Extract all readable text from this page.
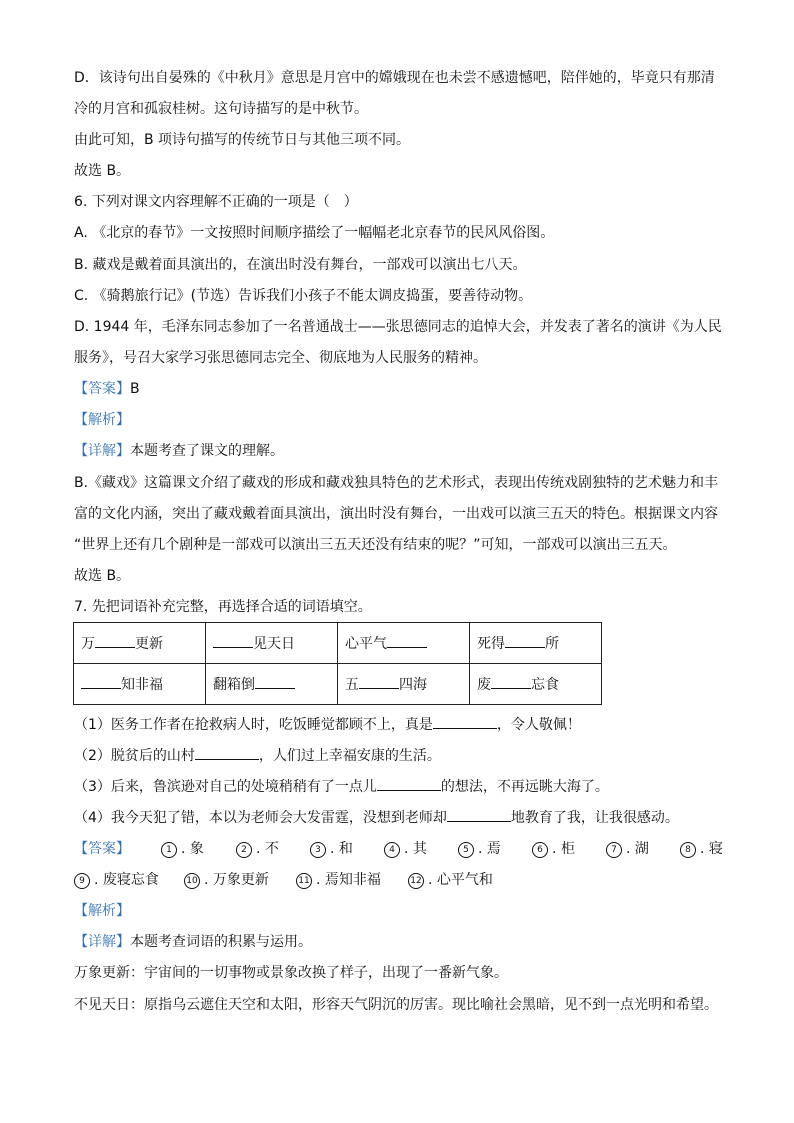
D．该诗句出自晏殊的《中秋月》意思是月宫中的嫦娥现在也未尝不感遗憾吧，陪伴她的，毕竟只有那清
冷的月宫和孤寂桂树。这句诗描写的是中秋节。
由此可知，B 项诗句描写的传统节日与其他三项不同。
故选 B。
6. 下列对课文内容理解不正确的一项是（　）
A. 《北京的春节》一文按照时间顺序描绘了一幅幅老北京春节的民风风俗图。
B. 藏戏是戴着面具演出的，在演出时没有舞台，一部戏可以演出七八天。
C. 《骑鹅旅行记》(节选）告诉我们小孩子不能太调皮捣蛋，要善待动物。
D. 1944 年，毛泽东同志参加了一名普通战士——张思德同志的追悼大会，并发表了著名的演讲《为人民
服务》，号召大家学习张思德同志完全、彻底地为人民服务的精神。
【答案】B
【解析】
【详解】本题考查了课文的理解。
B.《藏戏》这篇课文介绍了藏戏的形成和藏戏独具特色的艺术形式，表现出传统戏剧独特的艺术魅力和丰
富的文化内涵，突出了藏戏戴着面具演出，演出时没有舞台，一出戏可以演三五天的特色。根据课文内容
“世界上还有几个剧种是一部戏可以演出三五天还没有结束的呢？”可知，一部戏可以演出三五天。
故选 B。
7. 先把词语补充完整，再选择合适的词语填空。
万 更新	见天日	心平气	死得 所
知非福	翻箱倒	五 四海	废 忘食
（1）医务工作者在抢救病人时，吃饭睡觉都顾不上，真是	，令人敬佩！
（2）脱贫后的山村	，人们过上幸福安康的生活。
（3）后来，鲁滨逊对自己的处境稍稍有了一点儿	的想法，不再远眺大海了。
（4）我今天犯了错，本以为老师会大发雷霆，没想到老师却	地教育了我，让我很感动。
【答案】	1 . 象	2 . 不	3 . 和	4 . 其	5 . 焉	6 . 柜	7 . 湖	8 . 寝
9 . 废寝忘食	10 . 万象更新	11 . 焉知非福	12 . 心平气和
【解析】
【详解】本题考查词语的积累与运用。
万象更新：宇宙间的一切事物或景象改换了样子，出现了一番新气象。
不见天日：原指乌云遮住天空和太阳，形容天气阴沉的厉害。现比喻社会黑暗，见不到一点光明和希望。
